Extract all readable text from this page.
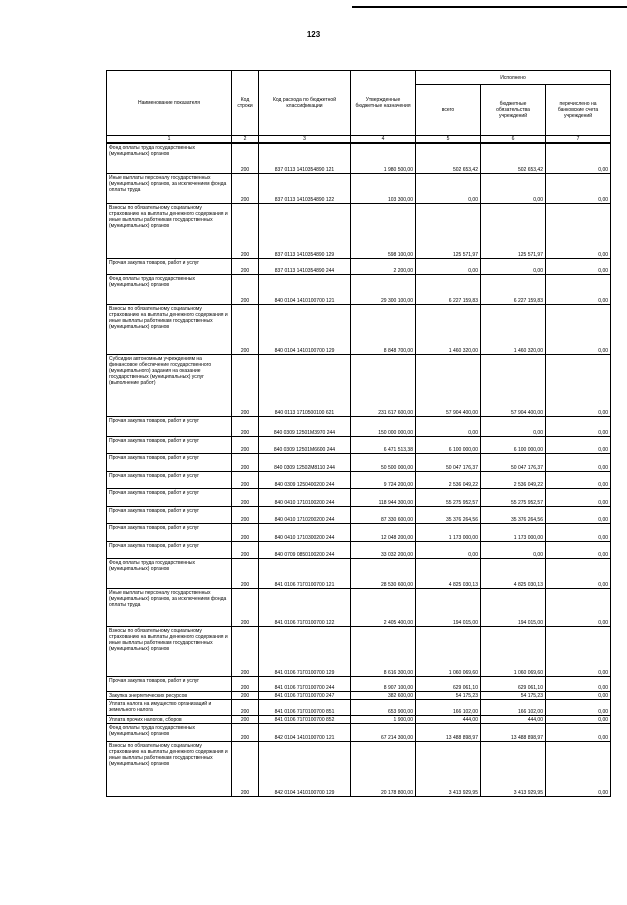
123
Наименование показателя	Код строки	Код расхода по бюджетной классификации	Утвержденные бюджетные назначения	Исполнено		
				всего	бюджетные обязательства учреждений	перечислено на банковские счета учреждений
1	2	3	4	5	6	7
Фонд оплаты труда государственных (муниципальных) органов	200	837 0113 1410354890 121	1 980 500,00	502 653,42	502 653,42	0,00
Иные выплаты персоналу государственных (муниципальных) органов, за исключением фонда оплаты труда	200	837 0113 1410354890 122	103 300,00	0,00	0,00	0,00
Взносы по обязательному социальному страхованию на выплаты денежного содержания и иные выплаты работникам государственных (муниципальных) органов	200	837 0113 1410354890 129	598 100,00	125 571,97	125 571,97	0,00
Прочая закупка товаров, работ и услуг	200	837 0113 1410354890 244	2 200,00	0,00	0,00	0,00
Фонд оплаты труда государственных (муниципальных) органов	200	840 0104 1410100700 121	29 300 100,00	6 227 159,83	6 227 159,83	0,00
Взносы по обязательному социальному страхованию на выплаты денежного содержания и иные выплаты работникам государственных (муниципальных) органов	200	840 0104 1410100700 129	8 848 700,00	1 460 320,00	1 460 320,00	0,00
Субсидии автономным учреждениям на финансовое обеспечение государственного (муниципального) задания на оказание государственных (муниципальных) услуг (выполнение работ)	200	840 0113 1710500100 621	231 617 600,00	57 904 400,00	57 904 400,00	0,00
Прочая закупка товаров, работ и услуг	200	840 0309 12501M3970 244	150 000 000,00	0,00	0,00	0,00
Прочая закупка товаров, работ и услуг	200	840 0309 12501M6600 244	6 471 513,38	6 100 000,00	6 100 000,00	0,00
Прочая закупка товаров, работ и услуг	200	840 0309 12502M8110 244	50 500 000,00	50 047 176,37	50 047 176,37	0,00
Прочая закупка товаров, работ и услуг	200	840 0309 1250400200 244	9 724 200,00	2 536 049,22	2 536 049,22	0,00
Прочая закупка товаров, работ и услуг	200	840 0410 1710100200 244	118 944 300,00	55 275 952,57	55 275 952,57	0,00
Прочая закупка товаров, работ и услуг	200	840 0410 1710200200 244	87 330 600,00	35 376 264,56	35 376 264,56	0,00
Прочая закупка товаров, работ и услуг	200	840 0410 1710300200 244	12 048 200,00	1 173 000,00	1 173 000,00	0,00
Прочая закупка товаров, работ и услуг	200	840 0709 0850100200 244	33 032 200,00	0,00	0,00	0,00
Фонд оплаты труда государственных (муниципальных) органов	200	841 0106 71Г0100700 121	28 530 600,00	4 825 030,13	4 825 030,13	0,00
Иные выплаты персоналу государственных (муниципальных) органов, за исключением фонда оплаты труда	200	841 0106 71Г0100700 122	2 405 400,00	194 015,00	194 015,00	0,00
Взносы по обязательному социальному страхованию на выплаты денежного содержания и иные выплаты работникам государственных (муниципальных) органов	200	841 0106 71Г0100700 129	8 616 300,00	1 060 069,60	1 060 069,60	0,00
Прочая закупка товаров, работ и услуг	200	841 0106 71Г0100700 244	8 907 100,00	629 061,10	629 061,10	0,00
Закупка энергетических ресурсов	200	841 0106 71Г0100700 247	382 600,00	54 175,23	54 175,23	0,00
Уплата налога на имущество организаций и земельного налога	200	841 0106 71Г0100700 851	653 900,00	166 102,00	166 102,00	0,00
Уплата прочих налогов, сборов	200	841 0106 71Г0100700 852	1 900,00	444,00	444,00	0,00
Фонд оплаты труда государственных (муниципальных) органов	200	842 0104 1410100700 121	67 214 300,00	13 488 898,97	13 488 898,97	0,00
Взносы по обязательному социальному страхованию на выплаты денежного содержания и иные выплаты работникам государственных (муниципальных) органов	200	842 0104 1410100700 129	20 178 800,00	3 413 929,95	3 413 929,95	0,00
